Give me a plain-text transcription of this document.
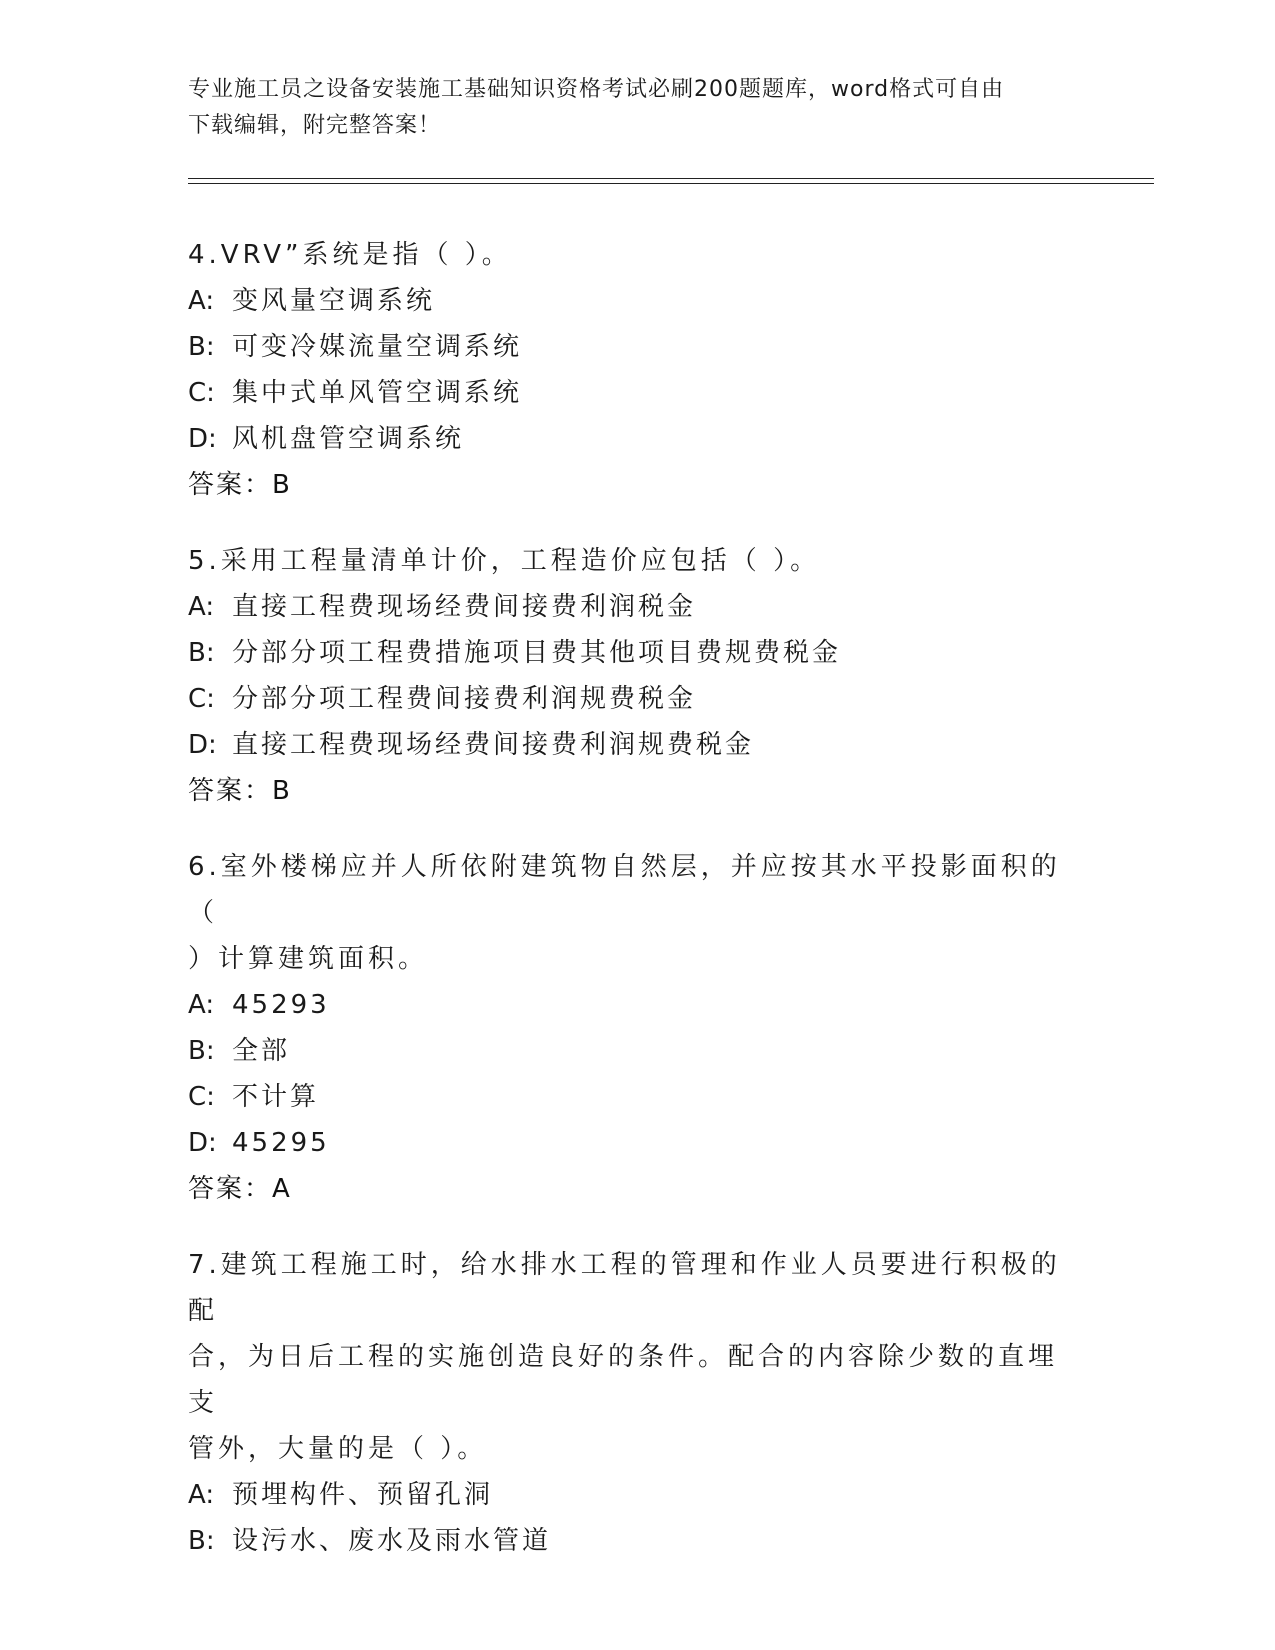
专业施工员之设备安装施工基础知识资格考试必刷200题题库，word格式可自由
下载编辑，附完整答案！
4.VRV”系统是指（ ）。
A: 变风量空调系统
B: 可变冷媒流量空调系统
C: 集中式单风管空调系统
D: 风机盘管空调系统
答案：B
5.采用工程量清单计价，工程造价应包括（ ）。
A: 直接工程费现场经费间接费利润税金
B: 分部分项工程费措施项目费其他项目费规费税金
C: 分部分项工程费间接费利润规费税金
D: 直接工程费现场经费间接费利润规费税金
答案：B
6.室外楼梯应并人所依附建筑物自然层，并应按其水平投影面积的（
）计算建筑面积。
A: 45293
B: 全部
C: 不计算
D: 45295
答案：A
7.建筑工程施工时，给水排水工程的管理和作业人员要进行积极的配
合，为日后工程的实施创造良好的条件。配合的内容除少数的直埋支
管外，大量的是（ ）。
A: 预埋构件、预留孔洞
B: 设污水、废水及雨水管道
